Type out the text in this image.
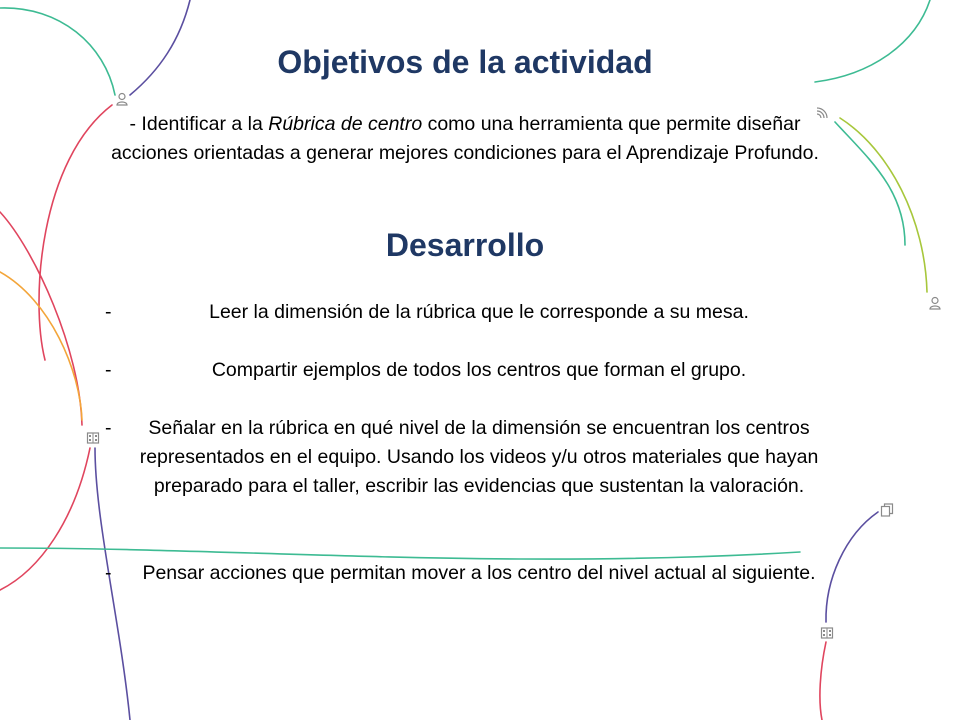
Objetivos de la actividad

- Identificar a la Rúbrica de centro como una herramienta que permite diseñar acciones orientadas a generar mejores condiciones para el Aprendizaje Profundo.

Desarrollo
-	Leer la dimensión de la rúbrica que le corresponde a su mesa.
-	Compartir ejemplos de todos los centros que forman el grupo.
-	Señalar en la rúbrica en qué nivel de la dimensión se encuentran los centros representados en el equipo. Usando los videos y/u otros materiales que hayan preparado para el taller, escribir las evidencias que sustentan la valoración.
-	Pensar acciones que permitan mover a los centro del nivel actual al siguiente.
